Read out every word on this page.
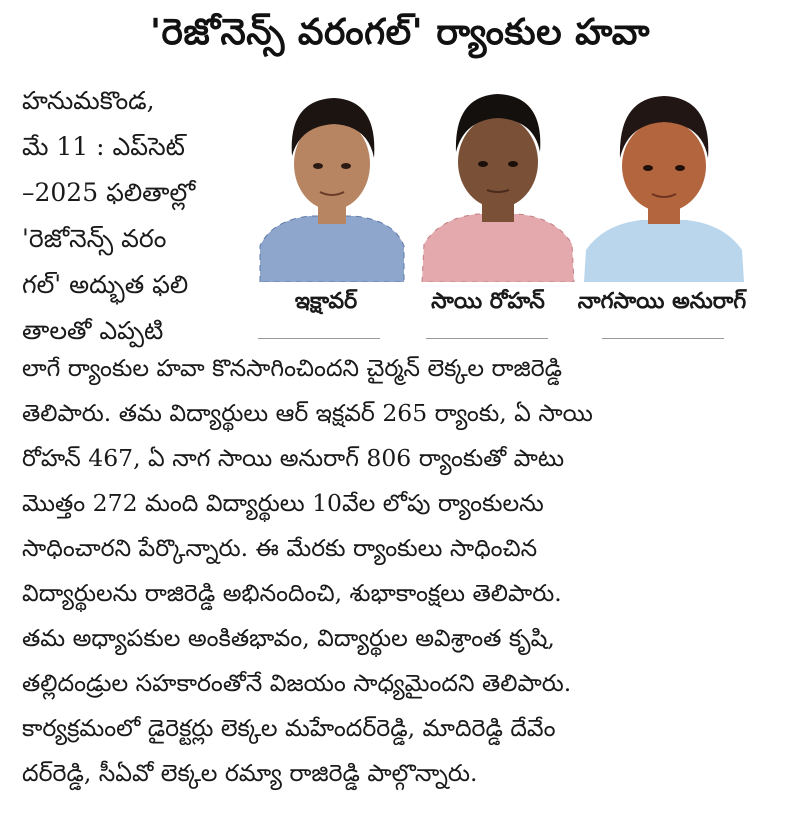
'రెజోనెన్స్ వరంగల్' ర్యాంకుల హవా

హనుమకొండ,
మే 11 : ఎప్‌సెట్
–2025 ఫలితాల్లో
'రెజోనెన్స్ వరం
గల్' అద్భుత ఫలి
తాలతో ఎప్పటి

ఇక్షావర్	సాయి రోహన్	నాగసాయి అనురాగ్

లాగే ర్యాంకుల హవా కొనసాగించిందని చైర్మన్ లెక్కల రాజిరెడ్డి
తెలిపారు. తమ విద్యార్థులు ఆర్ ఇక్షవర్ 265 ర్యాంకు, ఏ సాయి
రోహన్ 467, ఏ నాగ సాయి అనురాగ్ 806 ర్యాంకుతో పాటు
మొత్తం 272 మంది విద్యార్థులు 10వేల లోపు ర్యాంకులను
సాధించారని పేర్కొన్నారు. ఈ మేరకు ర్యాంకులు సాధించిన
విద్యార్థులను రాజిరెడ్డి అభినందించి, శుభాకాంక్షలు తెలిపారు.
తమ అధ్యాపకుల అంకితభావం, విద్యార్థుల అవిశ్రాంత కృషి,
తల్లిదండ్రుల సహకారంతోనే విజయం సాధ్యమైందని తెలిపారు.
కార్యక్రమంలో డైరెక్టర్లు లెక్కల మహేందర్‌రెడ్డి, మాదిరెడ్డి దేవేం
దర్‌రెడ్డి, సీఏవో లెక్కల రమ్యా రాజిరెడ్డి పాల్గొన్నారు.
